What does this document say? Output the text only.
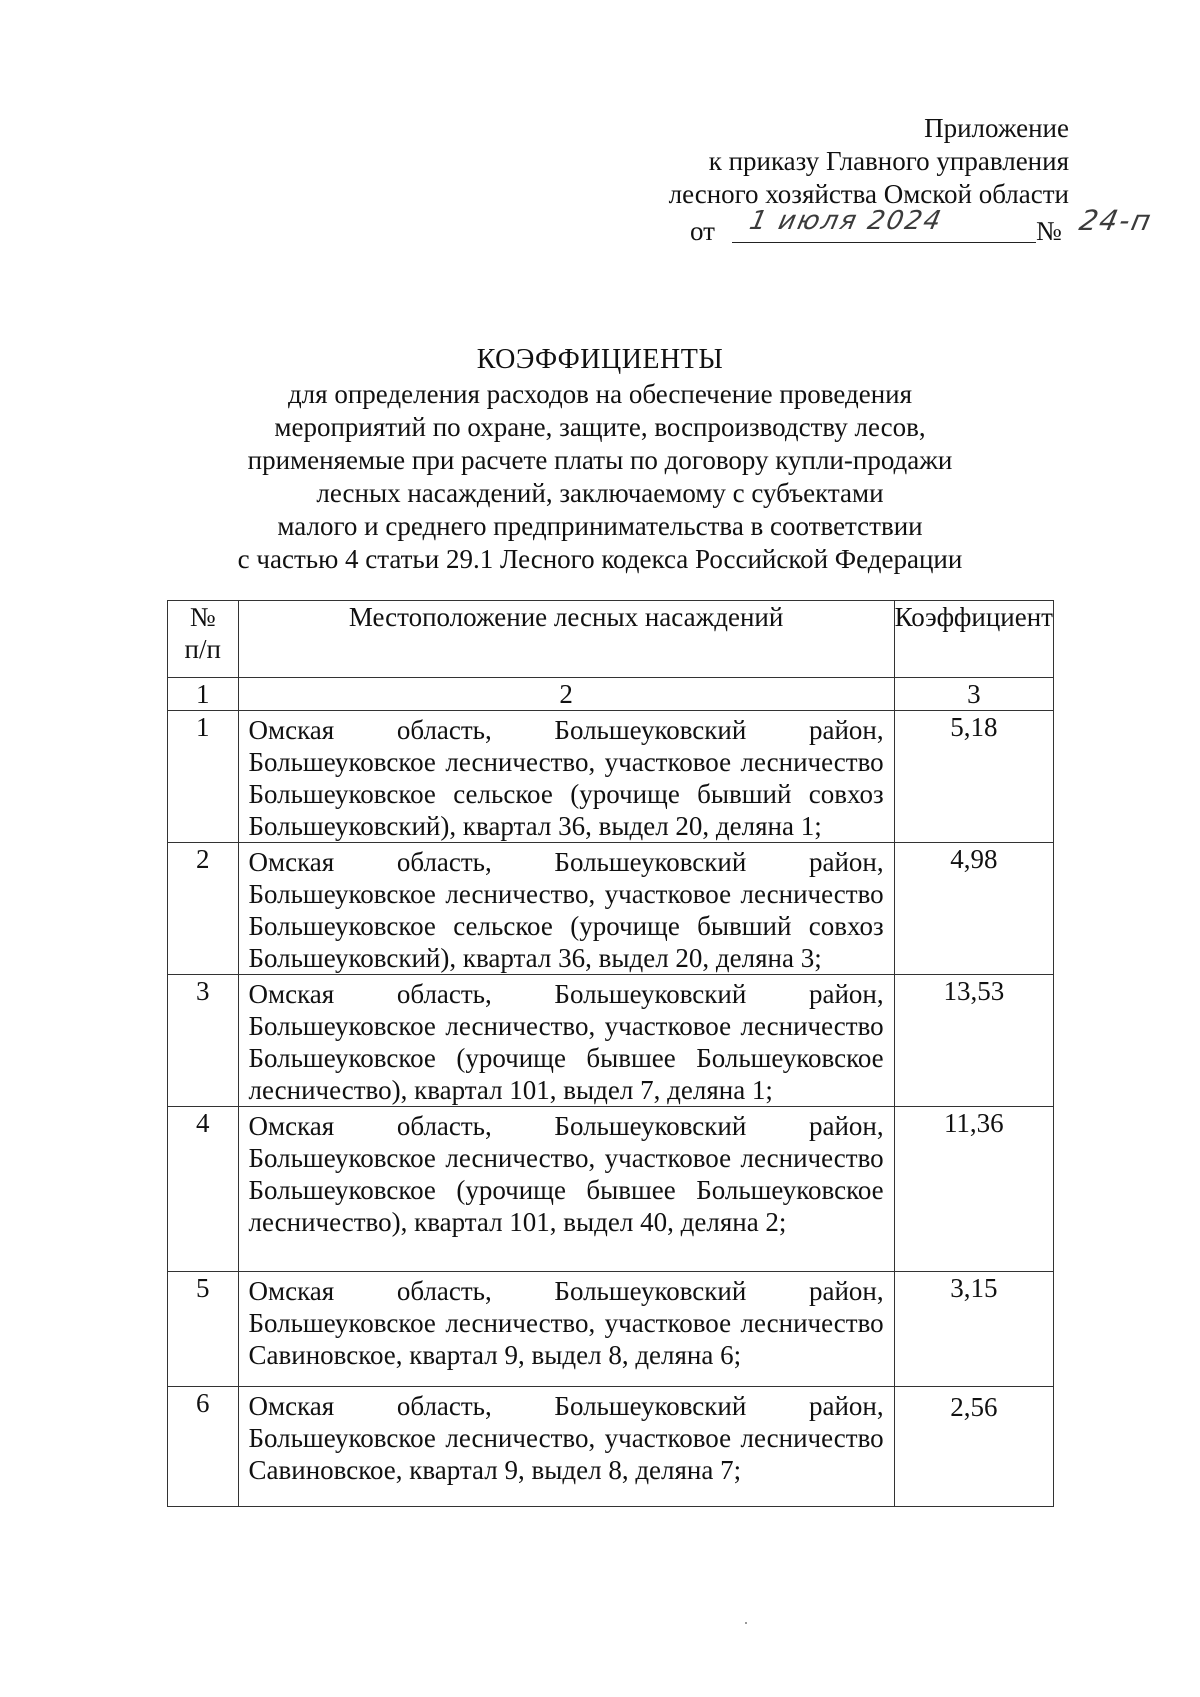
Приложение
к приказу Главного управления
лесного хозяйства Омской области
от 1 июля 2024	№ 24-п
КОЭФФИЦИЕНТЫ
для определения расходов на обеспечение проведения
мероприятий по охране, защите, воспроизводству лесов,
применяемые при расчете платы по договору купли-продажи
лесных насаждений, заключаемому с субъектами
малого и среднего предпринимательства в соответствии
с частью 4 статьи 29.1 Лесного кодекса Российской Федерации
№
п/п	Местоположение лесных насаждений	Коэффициент
1	2	3
1	Омская область, Большеуковский район, Большеуковское лесничество, участковое лесничество Большеуковское сельское (урочище бывший совхоз Большеуковский), квартал 36, выдел 20, деляна 1;	5,18
2	Омская область, Большеуковский район, Большеуковское лесничество, участковое лесничество Большеуковское сельское (урочище бывший совхоз Большеуковский), квартал 36, выдел 20, деляна 3;	4,98
3	Омская область, Большеуковский район, Большеуковское лесничество, участковое лесничество Большеуковское (урочище бывшее Большеуковское лесничество), квартал 101, выдел 7, деляна 1;	13,53
4	Омская область, Большеуковский район, Большеуковское лесничество, участковое лесничество Большеуковское (урочище бывшее Большеуковское лесничество), квартал 101, выдел 40, деляна 2;	11,36
5	Омская область, Большеуковский район, Большеуковское лесничество, участковое лесничество Савиновское, квартал 9, выдел 8, деляна 6;	3,15
6	Омская область, Большеуковский район, Большеуковское лесничество, участковое лесничество Савиновское, квартал 9, выдел 8, деляна 7;	2,56
